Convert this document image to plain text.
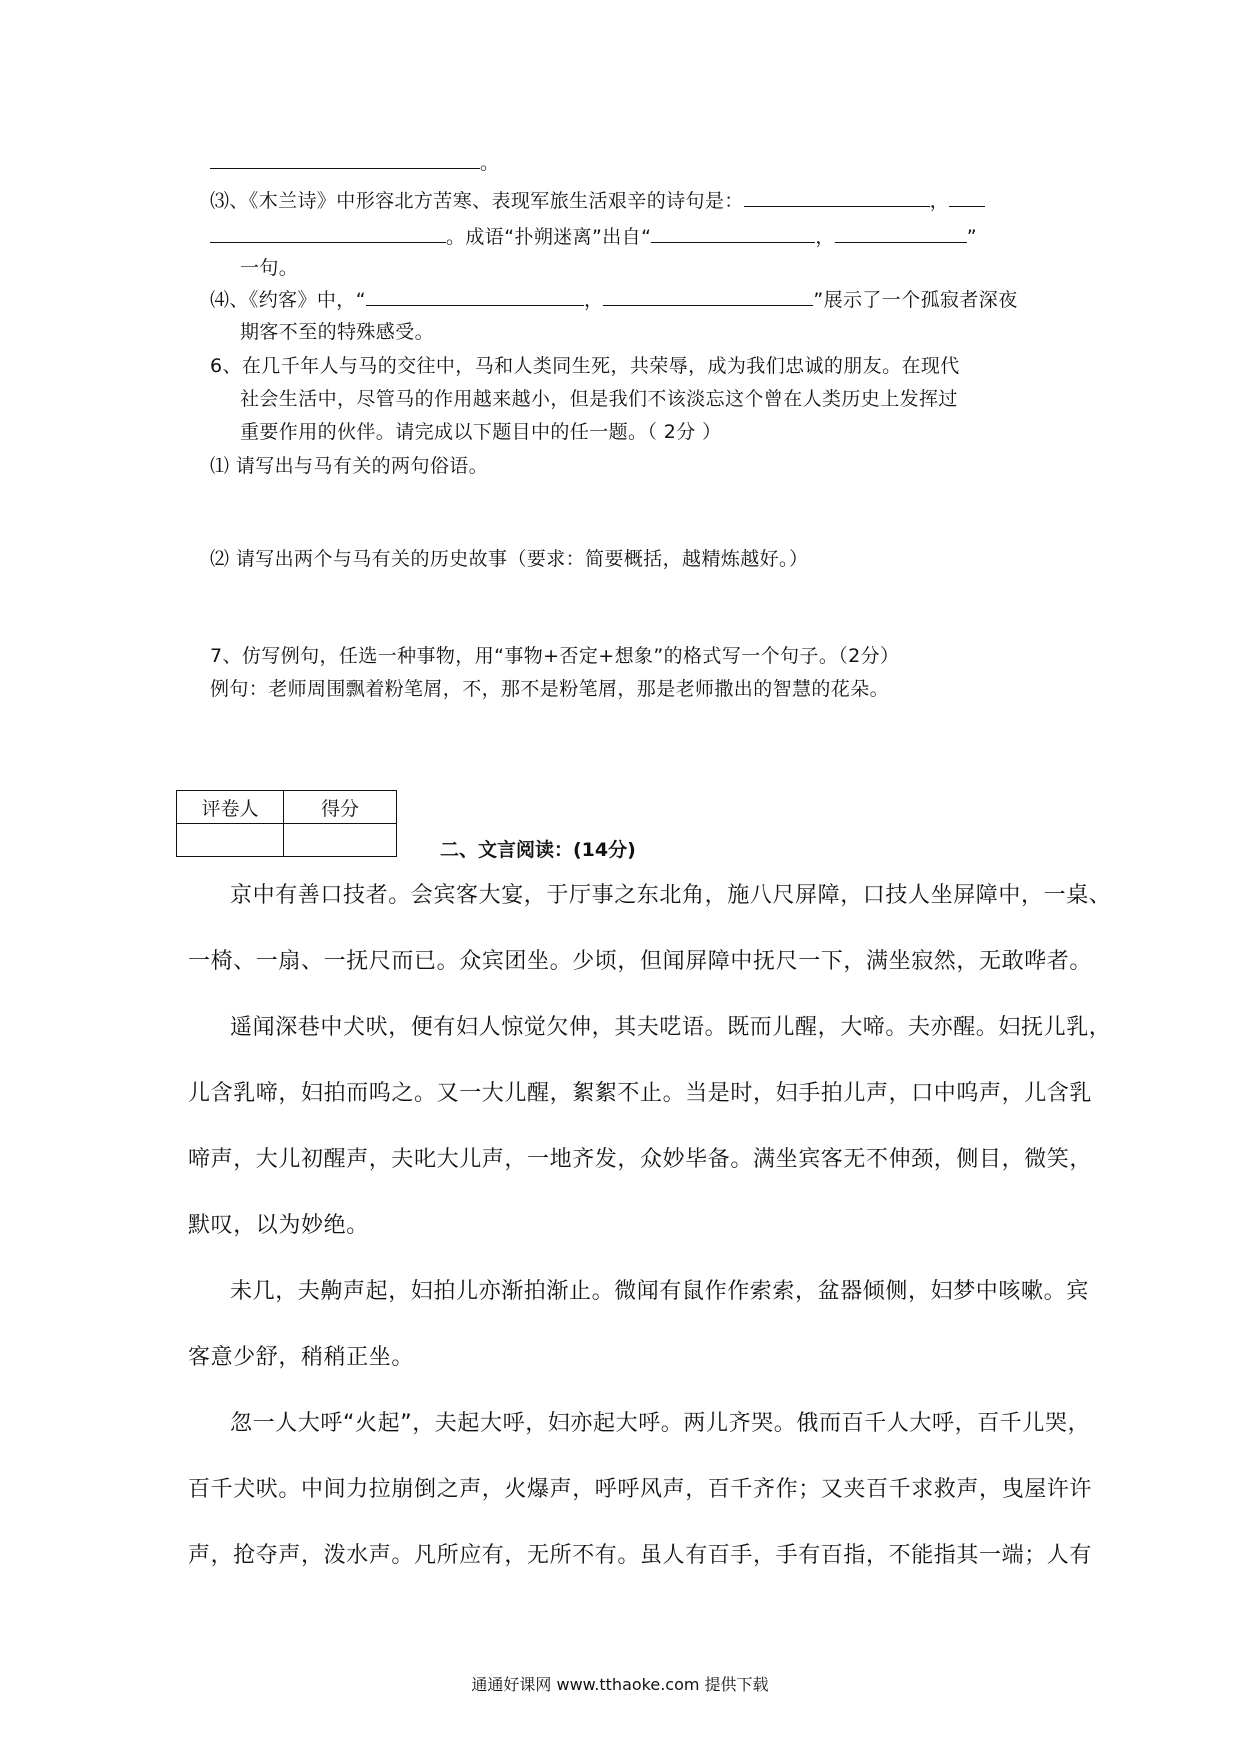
。
⑶、《木兰诗》中形容北方苦寒、表现军旅生活艰辛的诗句是：	，
。成语“扑朔迷离”出自“	，	”
一句。
⑷、《约客》中，“	，	”展示了一个孤寂者深夜
期客不至的特殊感受。
6、在几千年人与马的交往中，马和人类同生死，共荣辱，成为我们忠诚的朋友。在现代
社会生活中，尽管马的作用越来越小，但是我们不该淡忘这个曾在人类历史上发挥过
重要作用的伙伴。请完成以下题目中的任一题。（ 2分 ）
⑴ 请写出与马有关的两句俗语。
⑵ 请写出两个与马有关的历史故事（要求：简要概括，越精炼越好。）
7、仿写例句，任选一种事物，用“事物+否定+想象”的格式写一个句子。（2分）
例句：老师周围飘着粉笔屑，不，那不是粉笔屑，那是老师撒出的智慧的花朵。
评卷人	得分

二、文言阅读：(14分)
京中有善口技者。会宾客大宴，于厅事之东北角，施八尺屏障，口技人坐屏障中，一桌、
一椅、一扇、一抚尺而已。众宾团坐。少顷，但闻屏障中抚尺一下，满坐寂然，无敢哗者。
遥闻深巷中犬吠，便有妇人惊觉欠伸，其夫呓语。既而儿醒，大啼。夫亦醒。妇抚儿乳，
儿含乳啼，妇拍而呜之。又一大儿醒，絮絮不止。当是时，妇手拍儿声，口中呜声，儿含乳
啼声，大儿初醒声，夫叱大儿声，一地齐发，众妙毕备。满坐宾客无不伸颈，侧目，微笑，
默叹，以为妙绝。
未几，夫齁声起，妇拍儿亦渐拍渐止。微闻有鼠作作索索，盆器倾侧，妇梦中咳嗽。宾
客意少舒，稍稍正坐。
忽一人大呼“火起”，夫起大呼，妇亦起大呼。两儿齐哭。俄而百千人大呼，百千儿哭，
百千犬吠。中间力拉崩倒之声，火爆声，呼呼风声，百千齐作；又夹百千求救声，曳屋许许
声，抢夺声，泼水声。凡所应有，无所不有。虽人有百手，手有百指，不能指其一端；人有
通通好课网 www.tthaoke.com 提供下载
